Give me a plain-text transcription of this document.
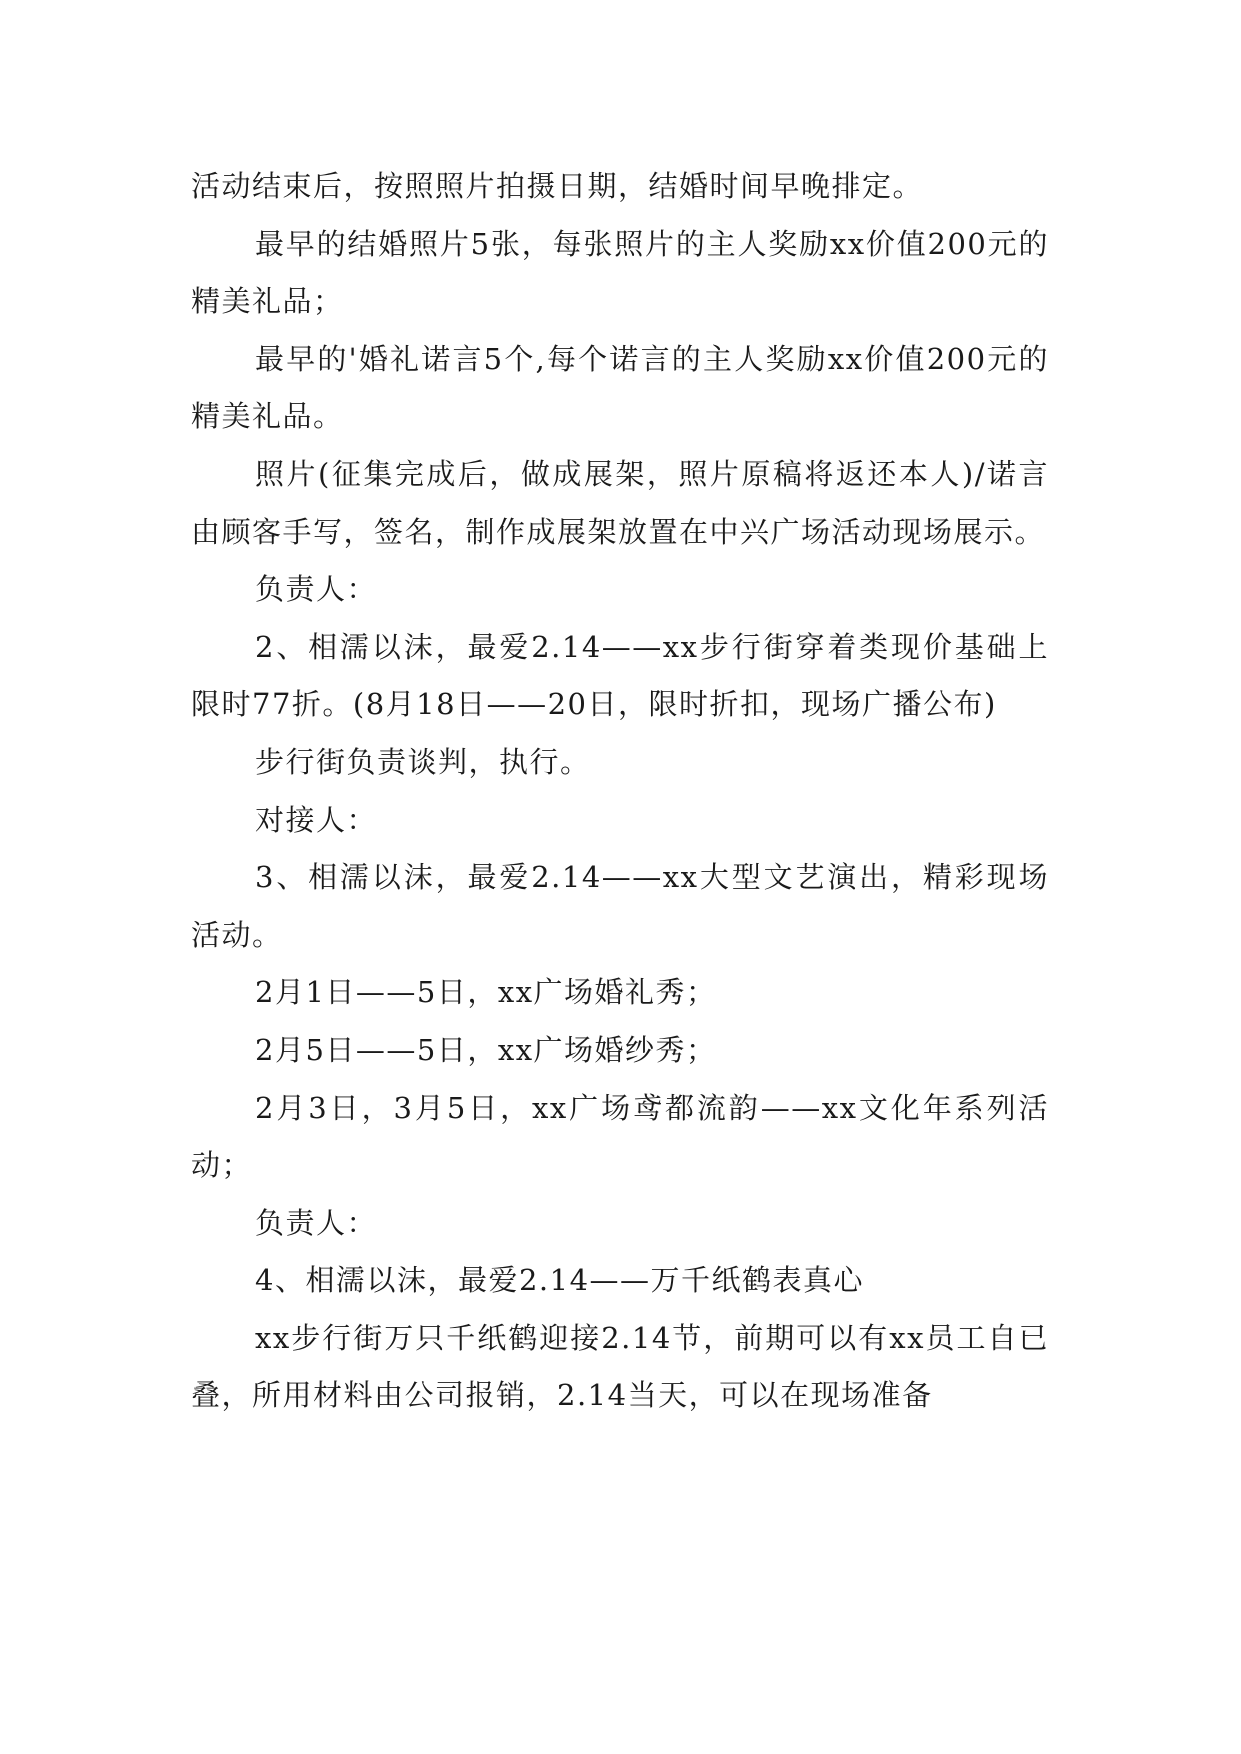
活动结束后，按照照片拍摄日期，结婚时间早晚排定。

最早的结婚照片5张，每张照片的主人奖励xx价值200元的精美礼品；

最早的'婚礼诺言5个,每个诺言的主人奖励xx价值200元的精美礼品。

照片(征集完成后，做成展架，照片原稿将返还本人)/诺言由顾客手写，签名，制作成展架放置在中兴广场活动现场展示。

负责人：

2、相濡以沫，最爱2.14——xx步行街穿着类现价基础上限时77折。(8月18日——20日，限时折扣，现场广播公布)

步行街负责谈判，执行。

对接人：

3、相濡以沫，最爱2.14——xx大型文艺演出，精彩现场活动。

2月1日——5日，xx广场婚礼秀；

2月5日——5日，xx广场婚纱秀；

2月3日，3月5日，xx广场鸢都流韵——xx文化年系列活动；

负责人：

4、相濡以沫，最爱2.14——万千纸鹤表真心

xx步行街万只千纸鹤迎接2.14节，前期可以有xx员工自已叠，所用材料由公司报销，2.14当天，可以在现场准备
